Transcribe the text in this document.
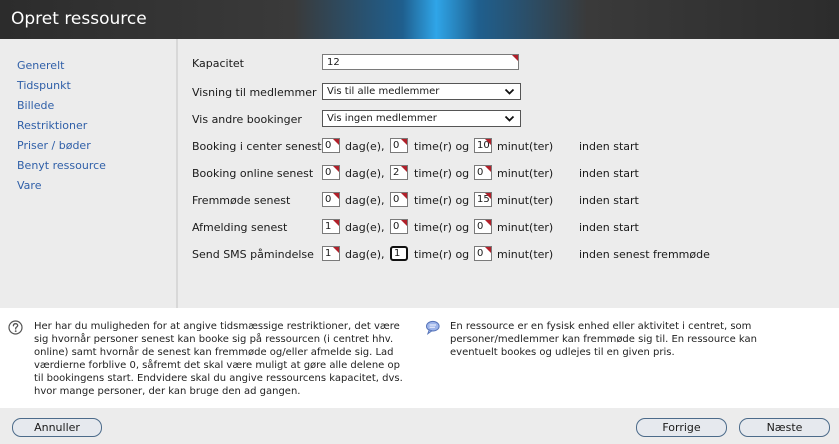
Opret ressource
Generelt
Tidspunkt
Billede
Restriktioner
Priser / bøder
Benyt ressource
Vare
Kapacitet	12
Visning til medlemmer	Vis til alle medlemmer
Vis andre bookinger	Vis ingen medlemmer
Booking i center senest 0	dag(e), 0	time(r) og 10 minut(ter) inden start
Booking online senest	0	dag(e), 2	time(r) og 0	minut(ter) inden start
Fremmøde senest	0	dag(e), 0	time(r) og 15 minut(ter) inden start
Afmelding senest	1	dag(e), 0	time(r) og 0	minut(ter) inden start
Send SMS påmindelse	1	dag(e), 1	time(r) og 0	minut(ter) inden senest fremmøde
Her har du muligheden for at angive tidsmæssige restriktioner, det være sig hvornår personer senest kan booke sig på ressourcen (i centret hhv. online) samt hvornår de senest kan fremmøde og/eller afmelde sig. Lad værdierne forblive 0, såfremt det skal være muligt at gøre alle delene op til bookingens start. Endvidere skal du angive ressourcens kapacitet, dvs. hvor mange personer, der kan bruge den ad gangen.
En ressource er en fysisk enhed eller aktivitet i centret, som personer/medlemmer kan fremmøde sig til. En ressource kan eventuelt bookes og udlejes til en given pris.
Annuller	Forrige	Næste
